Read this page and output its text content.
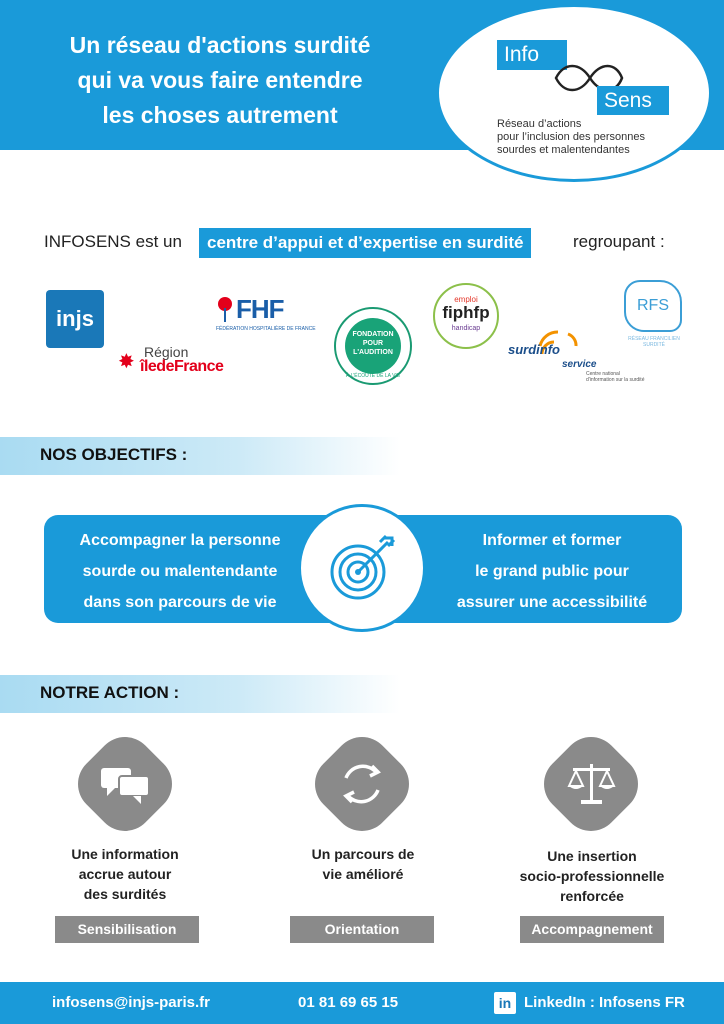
Un réseau d'actions surdité
qui va vous faire entendre
les choses autrement
Info
Sens
Réseau d’actions
pour l’inclusion des personnes
sourdes et malentendantes
INFOSENS est un	centre d’appui et d’expertise en surdité	regroupant :
injs
✸ Région
îledeFrance
FHF
FÉDÉRATION HOSPITALIÈRE DE FRANCE
FONDATION
POUR
L'AUDITION
À L'ÉCOUTE DE LA VIE
emploi
fiphfp
handicap
surdinfo
service
Centre national
d'information sur la surdité
RFS
RÉSEAU FRANCILIEN
SURDITÉ
NOS OBJECTIFS :
Accompagner la personne
sourde ou malentendante
dans son parcours de vie
Informer et former
le grand public pour
assurer une accessibilité
NOTRE ACTION :
Une information
accrue autour
des surdités
Un parcours de
vie amélioré
Une insertion
socio-professionnelle
renforcée
Sensibilisation	Orientation	Accompagnement
infosens@injs-paris.fr	01 81 69 65 15	in LinkedIn : Infosens FR
